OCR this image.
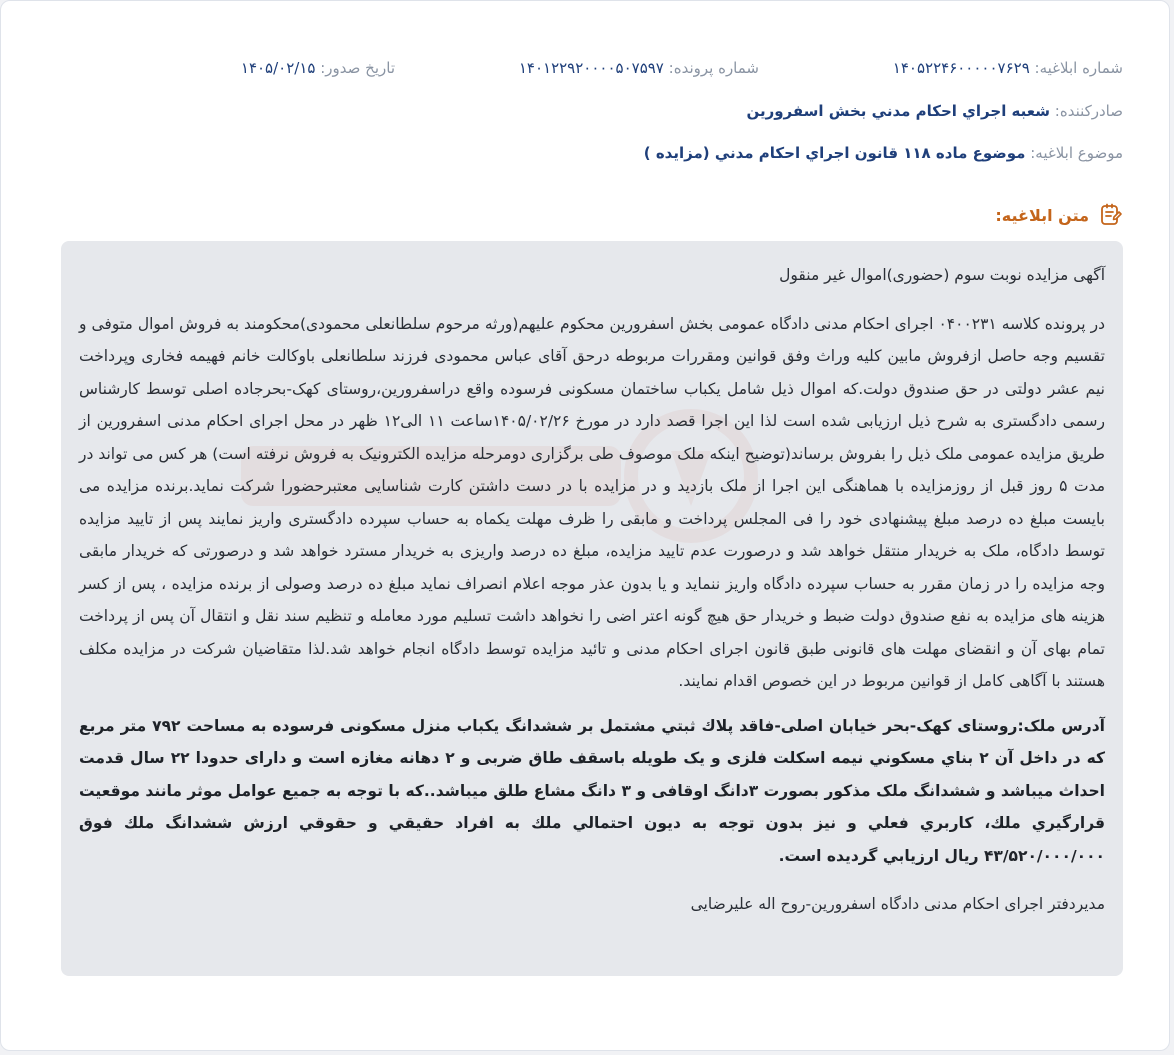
شماره ابلاغیه: ۱۴۰۵۲۲۴۶۰۰۰۰۰۷۶۲۹
شماره پرونده: ۱۴۰۱۲۲۹۲۰۰۰۰۵۰۷۵۹۷
تاریخ صدور: ۱۴۰۵/۰۲/۱۵
صادرکننده: شعبه اجراي احكام مدني بخش اسفرورين
موضوع ابلاغیه: موضوع ماده ۱۱۸ قانون اجراي احكام مدني (مزايده )
متن ابلاغیه:

آگهی مزایده نوبت سوم (حضوری)اموال غیر منقول

در پرونده کلاسه ۰۴۰۰۲۳۱ اجرای احکام مدنی دادگاه عمومی بخش اسفرورین محکوم علیهم(ورثه مرحوم سلطانعلی محمودی)محکومند به فروش اموال متوفی و تقسیم وجه حاصل ازفروش مابین کلیه وراث وفق قوانین ومقررات مربوطه درحق آقای عباس محمودی فرزند سلطانعلی باوکالت خانم فهیمه فخاری وپرداخت نیم عشر دولتی در حق صندوق دولت.که اموال ذیل شامل یکباب ساختمان مسکونی فرسوده واقع دراسفرورین،روستای کهک-بحرجاده اصلی توسط کارشناس رسمی دادگستری به شرح ذیل ارزیابی شده است لذا این اجرا قصد دارد در مورخ ۱۴۰۵/۰۲/۲۶ساعت ۱۱ الی۱۲ ظهر در محل اجرای احکام مدنی اسفرورین از طریق مزایده عمومی ملک ذیل را بفروش برساند(توضیح اینکه ملک موصوف طی برگزاری دومرحله مزایده الکترونیک به فروش نرفته است) هر کس می تواند در مدت ۵ روز قبل از روزمزایده با هماهنگی این اجرا از ملک بازدید و در مزایده با در دست داشتن کارت شناسایی معتبرحضورا شرکت نماید.برنده مزایده می بایست مبلغ ده درصد مبلغ پیشنهادی خود را فی المجلس پرداخت و مابقی را ظرف مهلت یکماه به حساب سپرده دادگستری واریز نمایند پس از تایید مزایده توسط دادگاه، ملک به خریدار منتقل خواهد شد و درصورت عدم تایید مزایده، مبلغ ده درصد واریزی به خریدار مسترد خواهد شد و درصورتی که خریدار مابقی وجه مزایده را در زمان مقرر به حساب سپرده دادگاه واریز ننماید و یا بدون عذر موجه اعلام انصراف نماید مبلغ ده درصد وصولی از برنده مزایده ، پس از کسر هزینه های مزایده به نفع صندوق دولت ضبط و خریدار حق هیچ گونه اعتر اضی را نخواهد داشت تسلیم مورد معامله و تنظیم سند نقل و انتقال آن پس از پرداخت تمام بهای آن و انقضای مهلت های قانونی طبق قانون اجرای احکام مدنی و تائید مزایده توسط دادگاه انجام خواهد شد.لذا متقاضیان شرکت در مزایده مکلف هستند با آگاهی کامل از قوانین مربوط در این خصوص اقدام نمایند.

آدرس ملک:روستای کهک-بحر خیابان اصلی-فاقد پلاك ثبتي مشتمل بر ششدانگ یکباب منزل مسکونی فرسوده به مساحت ۷۹۲ متر مربع که در داخل آن ۲ بناي مسكوني نيمه اسكلت فلزی و یک طویله باسقف طاق ضربی و ۲ دهانه مغازه است و دارای حدودا ۲۲ سال قدمت احداث ميباشد و ششدانگ ملک مذکور بصورت ۳دانگ اوقافی و ۳ دانگ مشاع طلق ميباشد..كه با توجه به جميع عوامل موثر مانند موقعيت قرارگيري ملك، كاربري فعلي و نيز بدون توجه به ديون احتمالي ملك به افراد حقيقي و حقوقي ارزش ششدانگ ملك فوق ۴۳/۵۲۰/۰۰۰/۰۰۰ ريال ارزيابي گرديده است.

مدیردفتر اجرای احکام مدنی دادگاه اسفرورین-روح اله علیرضایی
